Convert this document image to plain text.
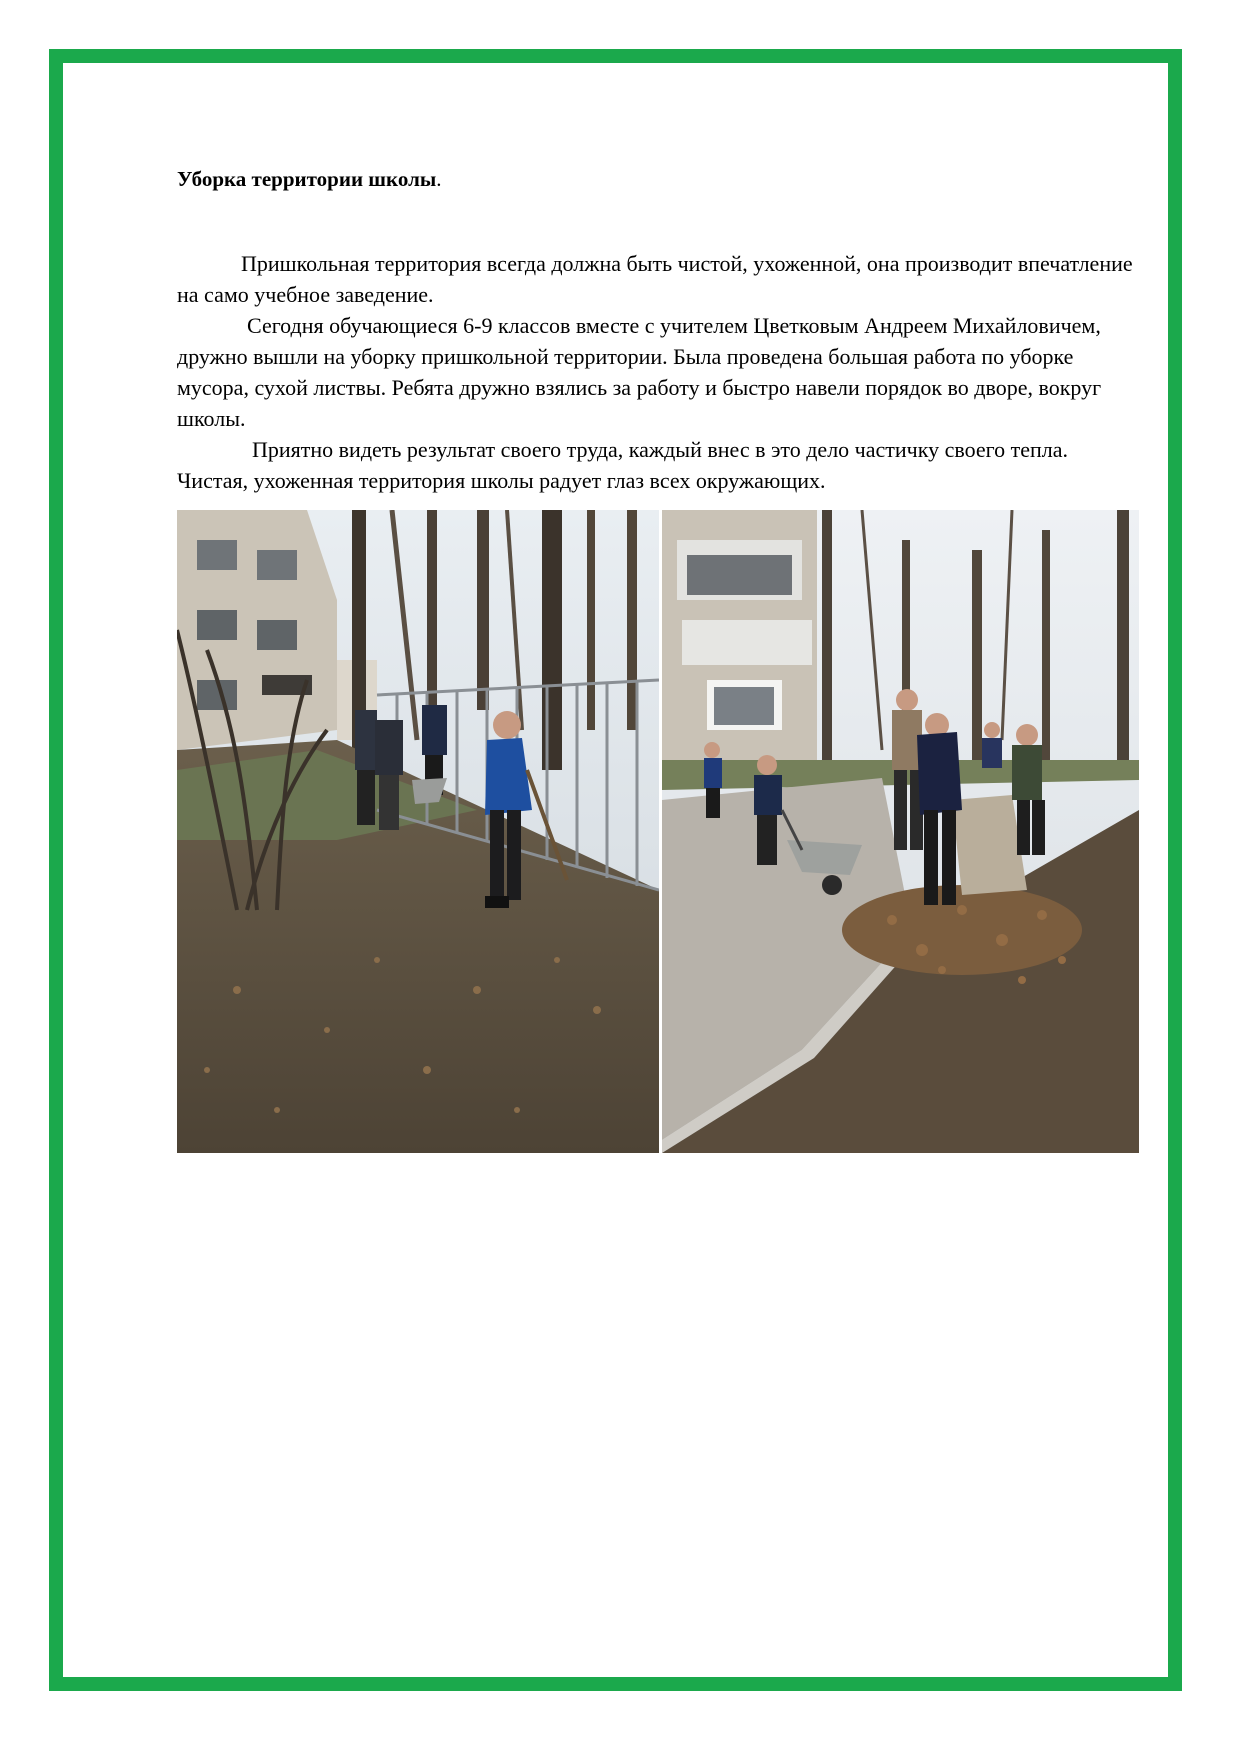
Уборка территории школы.

Пришкольная территория всегда должна быть чистой, ухоженной, она производит впечатление на само учебное заведение.

Сегодня обучающиеся 6-9 классов вместе с учителем Цветковым Андреем Михайловичем, дружно вышли на уборку пришкольной территории. Была проведена большая работа по уборке мусора, сухой листвы. Ребята дружно взялись за работу и быстро навели порядок во дворе, вокруг школы.

Приятно видеть результат своего труда, каждый внес в это дело частичку своего тепла. Чистая, ухоженная территория школы радует глаз всех окружающих.
